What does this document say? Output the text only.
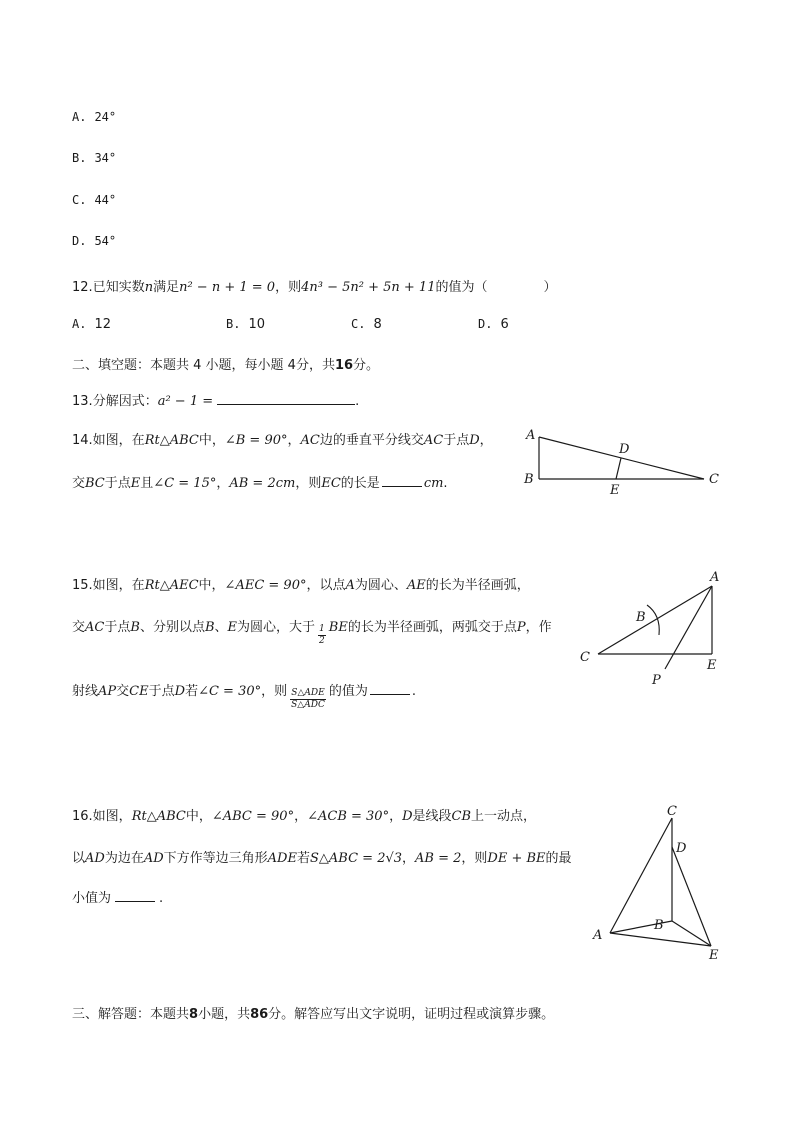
A. 24°
B. 34°
C. 44°
D. 54°
12. 已知实数 n 满足 n² − n + 1 = 0 ，则 4n³ − 5n² + 5n + 11 的值为（	）
A. 12	B. 10	C. 8	D. 6
二、填空题：本题共 4 小题，每小题 4分，共 16 分。
13. 分解因式： a² − 1 =	.
14.如图，在 Rt△ABC 中， ∠B = 90° ， AC 边的垂直平分线交 AC 于点 D ，
交 BC 于点 E 且 ∠C = 15° ， AB = 2cm ，则 EC 的长是	cm .
A
B	C
D
E
15.如图，在 Rt△AEC 中， ∠AEC = 90° ，以点 A 为圆心、 AE 的长为半径画弧，
交 AC 于点 B 、分别以点 B 、 E 为圆心，大于 $\frac{1}{2}$ BE 的长为半径画弧，两弧交于点 P ，作
射线 AP 交 CE 于点 D 若 ∠C = 30° ，则 $\frac{\text{S△ADE}}{\text{S△ADC}}$ 的值为	.
A
B
C
E
P
16.如图， Rt△ABC 中， ∠ABC = 90° ， ∠ACB = 30° ， D 是线段 CB 上一动点，
以 AD 为边在 AD 下方作等边三角形 ADE 若 S△ABC = 2√3 ， AB = 2 ，则 DE + BE 的最
小值为	.
C
D
B
A
E
三、解答题：本题共 8 小题，共 86 分。解答应写出文字说明，证明过程或演算步骤。
